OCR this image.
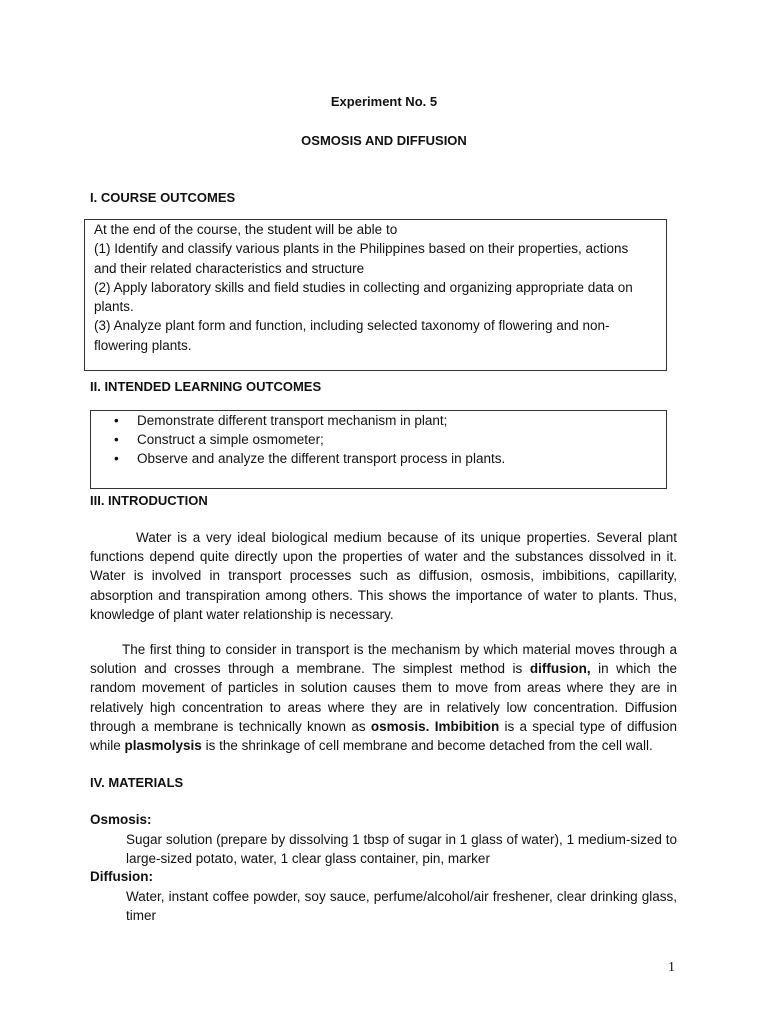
Experiment No. 5
OSMOSIS AND DIFFUSION
I. COURSE OUTCOMES

At the end of the course, the student will be able to

(1) Identify and classify various plants in the Philippines based on their properties, actions

and their related characteristics and structure

(2) Apply laboratory skills and field studies in collecting and organizing appropriate data on

plants.

(3) Analyze plant form and function, including selected taxonomy of flowering and non-

flowering plants.

II. INTENDED LEARNING OUTCOMES
• Demonstrate different transport mechanism in plant;
• Construct a simple osmometer;
• Observe and analyze the different transport process in plants.
III. INTRODUCTION

Water is a very ideal biological medium because of its unique properties. Several plant functions depend quite directly upon the properties of water and the substances dissolved in it. Water is involved in transport processes such as diffusion, osmosis, imbibitions, capillarity, absorption and transpiration among others. This shows the importance of water to plants. Thus, knowledge of plant water relationship is necessary.

The first thing to consider in transport is the mechanism by which material moves through a solution and crosses through a membrane. The simplest method is diffusion, in which the random movement of particles in solution causes them to move from areas where they are in relatively high concentration to areas where they are in relatively low concentration. Diffusion through a membrane is technically known as osmosis. Imbibition is a special type of diffusion while plasmolysis is the shrinkage of cell membrane and become detached from the cell wall.

IV. MATERIALS
Osmosis:

Sugar solution (prepare by dissolving 1 tbsp of sugar in 1 glass of water), 1 medium-sized to large-sized potato, water, 1 clear glass container, pin, marker

Diffusion:

Water, instant coffee powder, soy sauce, perfume/alcohol/air freshener, clear drinking glass, timer

1
